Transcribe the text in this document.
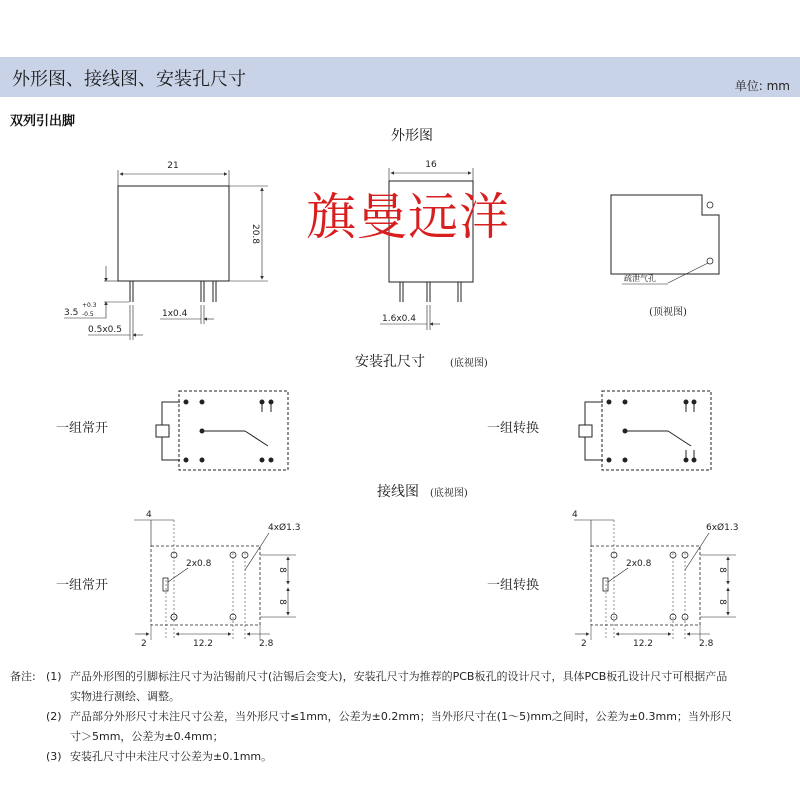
外形图、接线图、安装孔尺寸	单位: mm
双列引出脚
外形图
21
20.8
3.5
+0.3
-0.5	1x0.4
0.5x0.5
16
1.6x0.4
疏泄气孔
(顶视图)
安装孔尺寸	(底视图)
一组常开	一组转换
接线图 (底视图)
一组常开
4
4xØ1.3
2x0.8
8
8
2	12.2	2.8
一组转换
4
6xØ1.3
2x0.8
8
8
2	12.2	2.8
旗曼远洋
备注: (1) 产品外形图的引脚标注尺寸为沾锡前尺寸(沾锡后会变大)，安装孔尺寸为推荐的PCB板孔的设计尺寸，具体PCB板孔设计尺寸可根据产品
实物进行测绘、调整。
(2) 产品部分外形尺寸未注尺寸公差，当外形尺寸≤1mm，公差为±0.2mm；当外形尺寸在(1～5)mm之间时，公差为±0.3mm；当外形尺
寸＞5mm，公差为±0.4mm；
(3) 安装孔尺寸中未注尺寸公差为±0.1mm。
